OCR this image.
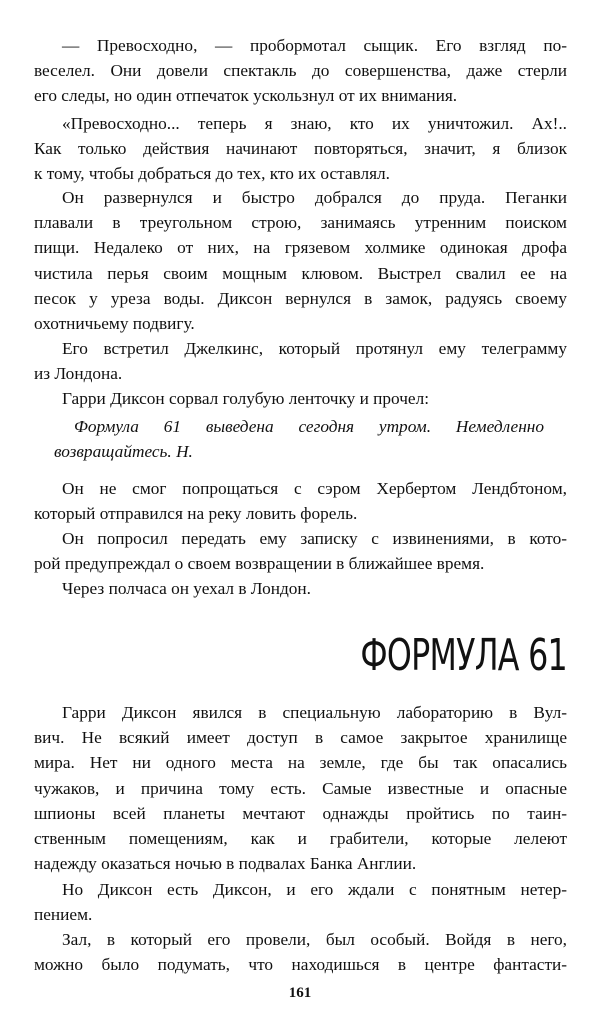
— Превосходно, — пробормотал сыщик. Его взгляд по-
веселел. Они довели спектакль до совершенства, даже стерли
его следы, но один отпечаток ускользнул от их внимания.

«Превосходно... теперь я знаю, кто их уничтожил. Ах!..
Как только действия начинают повторяться, значит, я близок
к тому, чтобы добраться до тех, кто их оставлял.

Он развернулся и быстро добрался до пруда. Пеганки
плавали в треугольном строю, занимаясь утренним поиском
пищи. Недалеко от них, на грязевом холмике одинокая дрофа
чистила перья своим мощным клювом. Выстрел свалил ее на
песок у уреза воды. Диксон вернулся в замок, радуясь своему
охотничьему подвигу.

Его встретил Джелкинс, который протянул ему телеграмму
из Лондона.

Гарри Диксон сорвал голубую ленточку и прочел:

Формула 61 выведена сегодня утром. Немедленно
возвращайтесь. Н.

Он не смог попрощаться с сэром Хербертом Лендбтоном,
который отправился на реку ловить форель.

Он попросил передать ему записку с извинениями, в кото-
рой предупреждал о своем возвращении в ближайшее время.

Через полчаса он уехал в Лондон.

ФОРМУЛА 61

Гарри Диксон явился в специальную лабораторию в Вул-
вич. Не всякий имеет доступ в самое закрытое хранилище
мира. Нет ни одного места на земле, где бы так опасались
чужаков, и причина тому есть. Самые известные и опасные
шпионы всей планеты мечтают однажды пройтись по таин-
ственным помещениям, как и грабители, которые лелеют
надежду оказаться ночью в подвалах Банка Англии.

Но Диксон есть Диксон, и его ждали с понятным нетер-
пением.

Зал, в который его провели, был особый. Войдя в него,
можно было подумать, что находишься в центре фантасти-

161
